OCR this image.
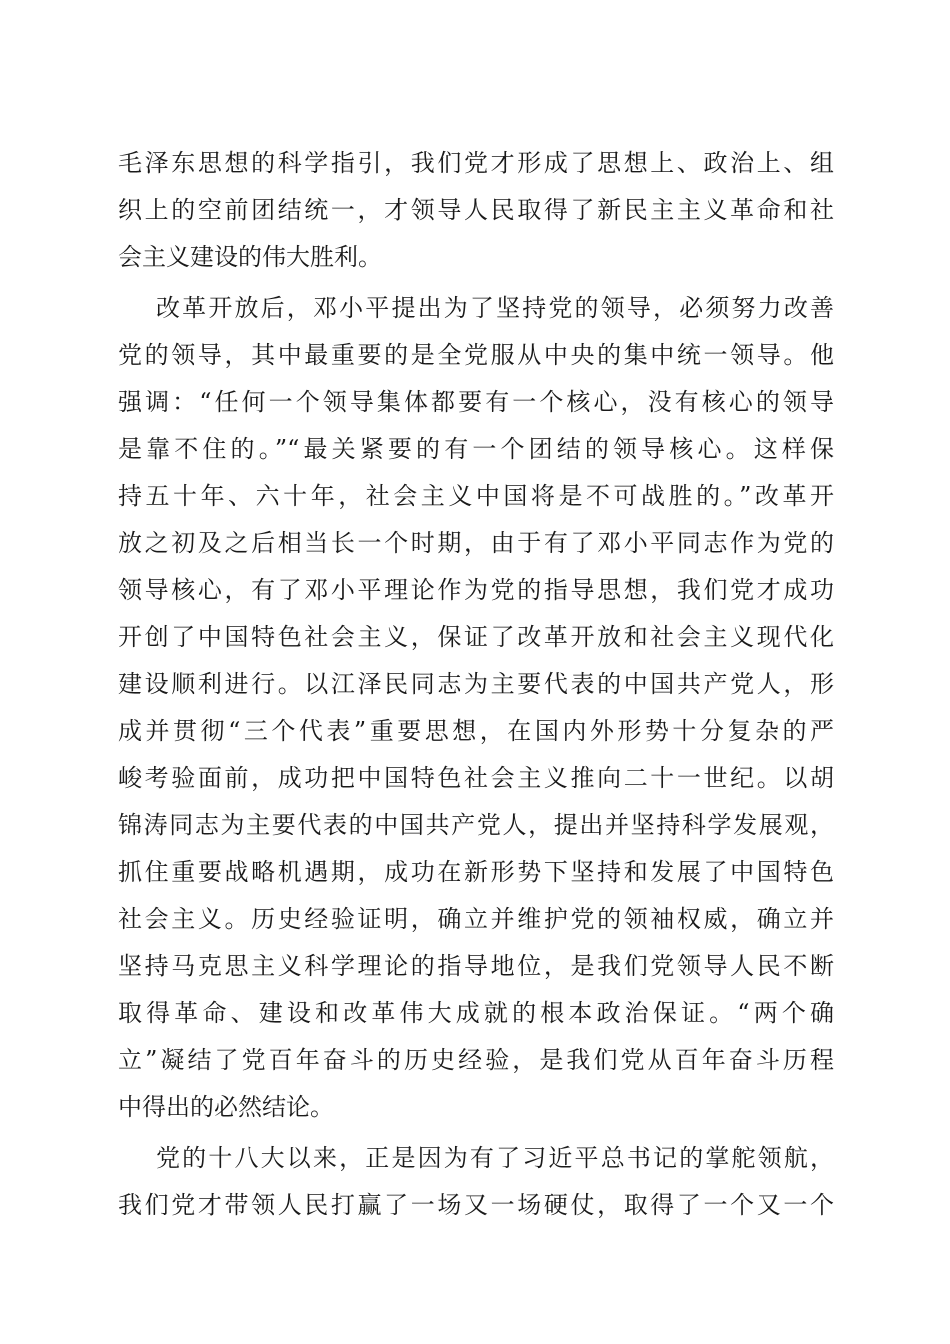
毛泽东思想的科学指引，我们党才形成了思想上、政治上、组
织上的空前团结统一，才领导人民取得了新民主主义革命和社
会主义建设的伟大胜利。
改革开放后，邓小平提出为了坚持党的领导，必须努力改善
党的领导，其中最重要的是全党服从中央的集中统一领导。他
强调：“任何一个领导集体都要有一个核心，没有核心的领导
是靠不住的。”“最关紧要的有一个团结的领导核心。这样保
持五十年、六十年，社会主义中国将是不可战胜的。”改革开
放之初及之后相当长一个时期，由于有了邓小平同志作为党的
领导核心，有了邓小平理论作为党的指导思想，我们党才成功
开创了中国特色社会主义，保证了改革开放和社会主义现代化
建设顺利进行。以江泽民同志为主要代表的中国共产党人，形
成并贯彻“三个代表”重要思想，在国内外形势十分复杂的严
峻考验面前，成功把中国特色社会主义推向二十一世纪。以胡
锦涛同志为主要代表的中国共产党人，提出并坚持科学发展观，
抓住重要战略机遇期，成功在新形势下坚持和发展了中国特色
社会主义。历史经验证明，确立并维护党的领袖权威，确立并
坚持马克思主义科学理论的指导地位，是我们党领导人民不断
取得革命、建设和改革伟大成就的根本政治保证。“两个确
立”凝结了党百年奋斗的历史经验，是我们党从百年奋斗历程
中得出的必然结论。
党的十八大以来，正是因为有了习近平总书记的掌舵领航，
我们党才带领人民打赢了一场又一场硬仗，取得了一个又一个
